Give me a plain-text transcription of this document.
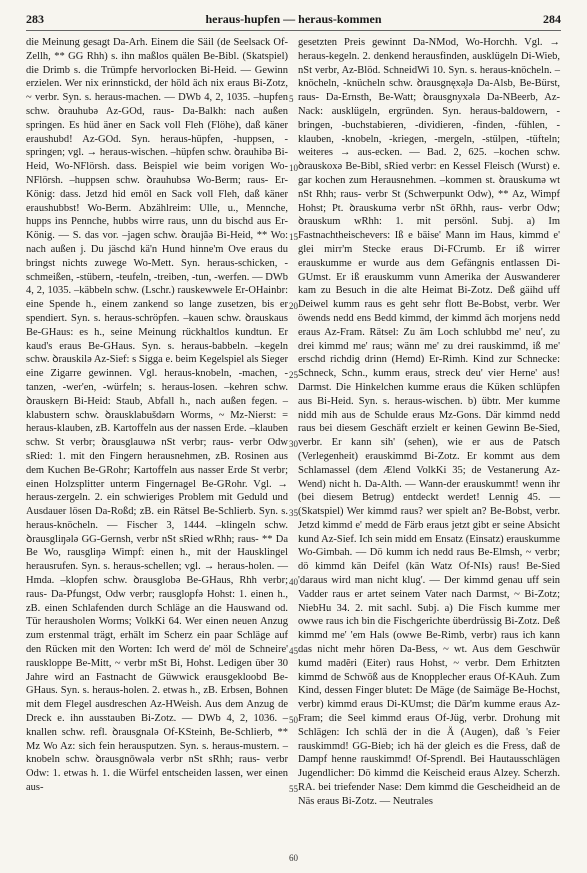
283	heraus-hupfen — heraus-kommen	284

die Meinung gesagt Da-Arh. Einem die Säil (de Seelsack Of-Zellh, ** GG Rhh) s. ihn maßlos quälen Be-Bibl. (Skatspiel) die Drimb s. die Trümpfe hervorlocken Bi-Heid. — Gewinn erzielen. Wer nix erinnstickd, der höld äch nix eraus Bi-Zotz, ~ verbr. Syn. s. heraus-machen. — DWb 4, 2, 1035. –hupfen schw. ꝺrauhubə Az-GOd, raus- Da-Balkh: nach außen springen. Es hüd äner en Sack voll Fleh (Flöhe), daß käner eraushubd! Az-GOd. Syn. heraus-hüpfen, -huppsen, -springen; vgl. → heraus-wischen. –hüpfen schw. ꝺrauhibə Bi-Heid, Wo-NFlörsh. dass. Beispiel wie beim vorigen Wo-NFlörsh. –huppsen schw. ꝺrauhubsə Wo-Berm; raus- Er-König: dass. Jetzd hid emöl en Sack voll Fleh, daß käner eraushubbst! Wo-Berm. Abzählreim: Ulle, u., Mennche, hupps ins Pennche, hubbs wirre raus, unn du bischd aus Er-König. — S. das vor. –jagen schw. ꝺraujăə Bi-Heid, ** Wo: nach außen j. Du jäschd kä'n Hund hinne'm Ove eraus du bringst nichts zuwege Wo-Mett. Syn. heraus-schicken, -schmeißen, -stübern, -teufeln, -treiben, -tun, -werfen. — DWb 4, 2, 1035. –käbbeln schw. (Lschr.) rauskewwele Er-OHainbr: eine Spende h., einem zankend so lange zusetzen, bis er spendiert. Syn. s. heraus-schröpfen. –kauen schw. ꝺrauskaus Be-GHaus: es h., seine Meinung rückhaltlos kundtun. Er kaud's eraus Be-GHaus. Syn. s. heraus-babbeln. –kegeln schw. ꝺrauskilə Az-Sief: s Sigga e. beim Kegelspiel als Sieger eine Zigarre gewinnen. Vgl. heraus-knobeln, -machen, -tanzen, -wer'en, -würfeln; s. heraus-losen. –kehren schw. ꝺrauske̜rn Bi-Heid: Staub, Abfall h., nach außen fegen. –klabustern schw. ꝺrausklabušdərn Worms, ~ Mz-Nierst: = heraus-klauben, zB. Kartoffeln aus der nassen Erde. –klauben schw. St verbr; ꝺrausglauwə nSt verbr; raus- verbr Odw sRied: 1. mit den Fingern herausnehmen, zB. Rosinen aus dem Kuchen Be-GRohr; Kartoffeln aus nasser Erde St verbr; einen Holzsplitter unterm Fingernagel Be-GRohr. Vgl. → heraus-zergeln. 2. ein schwieriges Problem mit Geduld und Ausdauer lösen Da-Roßd; zB. ein Rätsel Be-Schlierb. Syn. s. heraus-knöcheln. — Fischer 3, 1444. –klingeln schw. ꝺrausgliŋələ GG-Gernsh, verbr nSt sRied wRhh; raus- ** Da Be Wo, rausgliŋə Wimpf: einen h., mit der Hausklingel herausrufen. Syn. s. heraus-schellen; vgl. → heraus-holen. — Hmda. –klopfen schw. ꝺrausglobə Be-GHaus, Rhh verbr; raus- Da-Pfungst, Odw verbr; rausglo̜pfə Hohst: 1. einen h., zB. einen Schlafenden durch Schläge an die Hauswand od. Tür herausholen Worms; VolkKi 64. Wer einen neuen Anzug zum erstenmal trägt, erhält im Scherz ein paar Schläge auf den Rücken mit den Worten: Ich werd de' möl de Schneire' rauskloppe Be-Mitt, ~ verbr mSt Bi, Hohst. Ledigen über 30 Jahre wird an Fastnacht de Güwwick erausgekloobd Be-GHaus. Syn. s. heraus-holen. 2. etwas h., zB. Erbsen, Bohnen mit dem Flegel ausdreschen Az-HWeish. Aus dem Anzug de Dreck e. ihn ausstauben Bi-Zotz. — DWb 4, 2, 1036. –knallen schw. refl. ꝺrausgnalə Of-KSteinh, Be-Schlierb, ** Mz Wo Az: sich fein herausputzen. Syn. s. heraus-mustern. –knobeln schw. ꝺrausgnōwələ verbr nSt sRhh; raus- verbr Odw: 1. etwas h. 1. die Würfel entscheiden lassen, wer einen aus-

5
10
15
20
25
30
35
40
45
50
55
60

gesetzten Preis gewinnt Da-NMod, Wo-Horchh. Vgl. → heraus-kegeln. 2. denkend herausfinden, ausklügeln Di-Wieb, nSt verbr, Az-Blöd. SchneidWi 10. Syn. s. heraus-knöcheln. –knöcheln, -knücheln schw. ꝺrausgnęxə̥lə Da-Alsb, Be-Bürst, raus- Da-Ernsth, Be-Watt; ꝺrausgnyxələ Da-NBeerb, Az-Nack: ausklügeln, ergründen. Syn. heraus-baldowern, -bringen, -buchstabieren, -dividieren, -finden, -fühlen, -klauben, -knobeln, -kriegen, -mergeln, -stülpen, -tüfteln; weiteres → aus-ecken. — Bad. 2, 625. –kochen schw. ꝺrauskoxə Be-Bibl, sRied verbr: en Kessel Fleisch (Wurst) e. gar kochen zum Herausnehmen. –kommen st. ꝺrauskumə wt nSt Rhh; raus- verbr St (Schwerpunkt Odw), ** Az, Wimpf Hohst; Pt. ꝺrauskumə verbr nSt öRhh, raus- verbr Odw; ꝺrauskum wRhh: 1. mit persönl. Subj. a) Im Fastnachtheischevers: Iß e bäise' Mann im Haus, kimmd e' glei mirr'm Stecke eraus Di-FCrumb. Er iß wirrer erauskumme er wurde aus dem Gefängnis entlassen Di-GUmst. Er iß erauskumm vunn Amerika der Auswanderer kam zu Besuch in die alte Heimat Bi-Zotz. Deß gäihd uff Deiwel kumm raus es geht sehr flott Be-Bobst, verbr. Wer öwends nedd ens Bedd kimmd, der kimmd äch morjens nedd eraus Az-Fram. Rätsel: Zu äm Loch schlubbd me' neu', zu drei kimmd me' raus; wänn me' zu drei rauskimmd, iß me' erschd richdig drinn (Hemd) Er-Rimh. Kind zur Schnecke: Schneck, Schn., kumm eraus, streck deu' vier Herne' aus! Darmst. Die Hinkelchen kumme eraus die Küken schlüpfen aus Bi-Heid. Syn. s. heraus-wischen. b) übtr. Mer kumme nidd mih aus de Schulde eraus Mz-Gons. Där kimmd nedd raus bei diesem Geschäft erzielt er keinen Gewinn Be-Sied, verbr. Er kann sih' (sehen), wie er aus de Patsch (Verlegenheit) erauskimmd Bi-Zotz. Er kommt aus dem Schlamassel (dem Ælend VolkKi 35; de Vestanerung Az-Wend) nicht h. Da-Alth. — Wann-der erauskummt! wenn ihr (bei diesem Betrug) entdeckt werdet! Lennig 45. — (Skatspiel) Wer kimmd raus? wer spielt an? Be-Bobst, verbr. Jetzd kimmd e' medd de Färb eraus jetzt gibt er seine Absicht kund Az-Sief. Ich sein midd em Ensatz (Einsatz) erauskumme Wo-Gimbah. — Dö kumm ich nedd raus Be-Elmsh, ~ verbr; dö kimmd kän Deifel (kän Watz Of-NIs) raus! Be-Sied 'daraus wird man nicht klug'. — Der kimmd genau uff sein Vadder raus er artet seinem Vater nach Darmst, ~ Bi-Zotz; NiebHu 34. 2. mit sachl. Subj. a) Die Fisch kumme mer owwe raus ich bin die Fischgerichte überdrüssig Bi-Zotz. Deß kimmd me' 'em Hals (owwe Be-Rimb, verbr) raus ich kann das nicht mehr hören Da-Bess, ~ wt. Aus dem Geschwür kumd madẽri (Eiter) raus Hohst, ~ verbr. Dem Erhitzten kimmd de Schwöß aus de Knopplecher eraus Of-KAuh. Zum Kind, dessen Finger blutet: De Mäge (de Saimäge Be-Hochst, verbr) kimmd eraus Di-KUmst; die Där'm kumme eraus Az-Fram; die Seel kimmd eraus Of-Jüg, verbr. Drohung mit Schlägen: Ich schlä der in die Ä (Augen), daß 's Feier rauskimmd! GG-Bieb; ich hä der gleich es die Fress, daß de Dampf henne rauskimmd! Of-Sprendl. Bei Hautausschlägen Jugendlicher: Dö kimmd die Keischeid eraus Alzey. Scherzh. RA. bei triefender Nase: Dem kimmd die Gescheidheid an de Näs eraus Bi-Zotz. — Neutrales
